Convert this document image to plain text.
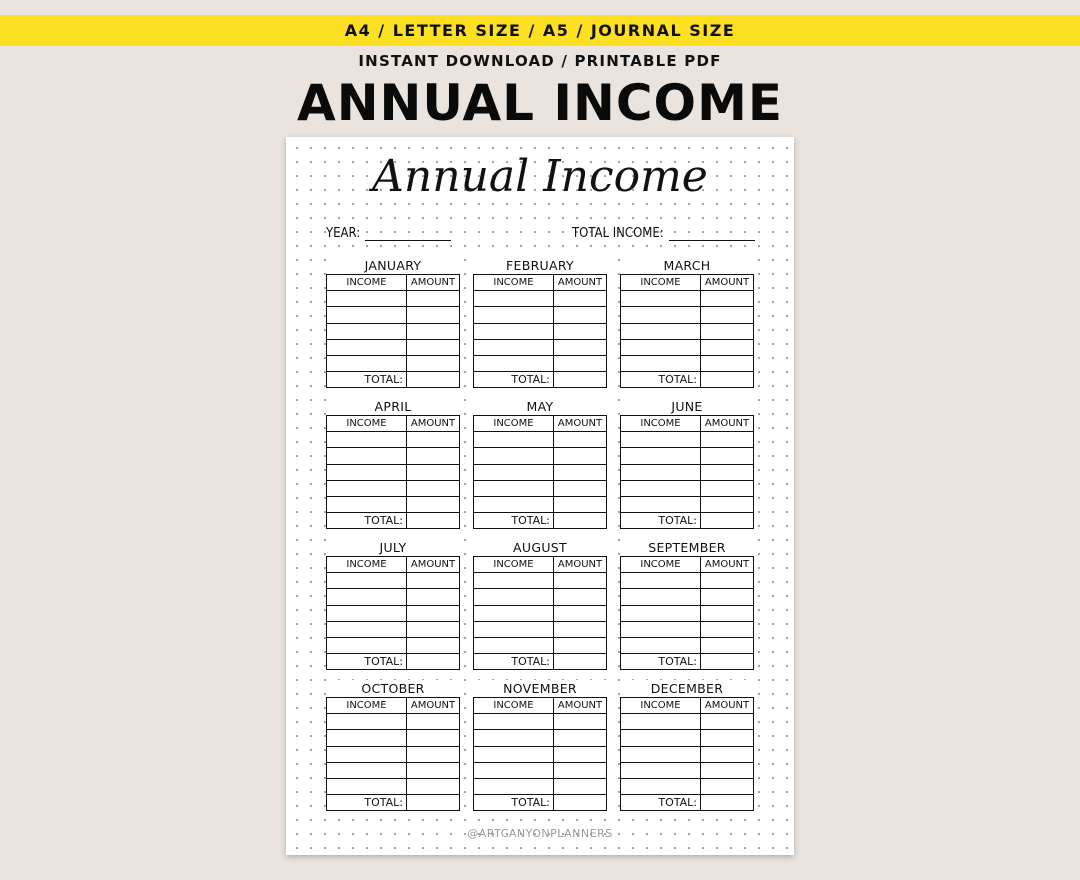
A4 / LETTER SIZE / A5 / JOURNAL SIZE
INSTANT DOWNLOAD / PRINTABLE PDF
ANNUAL INCOME
Annual Income
YEAR:	TOTAL INCOME:
JANUARY
INCOME	AMOUNT

TOTAL:	
FEBRUARY
INCOME	AMOUNT

TOTAL:	
MARCH
INCOME	AMOUNT

TOTAL:	
APRIL
INCOME	AMOUNT

TOTAL:	
MAY
INCOME	AMOUNT

TOTAL:	
JUNE
INCOME	AMOUNT

TOTAL:	
JULY
INCOME	AMOUNT

TOTAL:	
AUGUST
INCOME	AMOUNT

TOTAL:	
SEPTEMBER
INCOME	AMOUNT

TOTAL:	
OCTOBER
INCOME	AMOUNT

TOTAL:	
NOVEMBER
INCOME	AMOUNT

TOTAL:	
DECEMBER
INCOME	AMOUNT

TOTAL:	
@ARTCANYONPLANNERS
